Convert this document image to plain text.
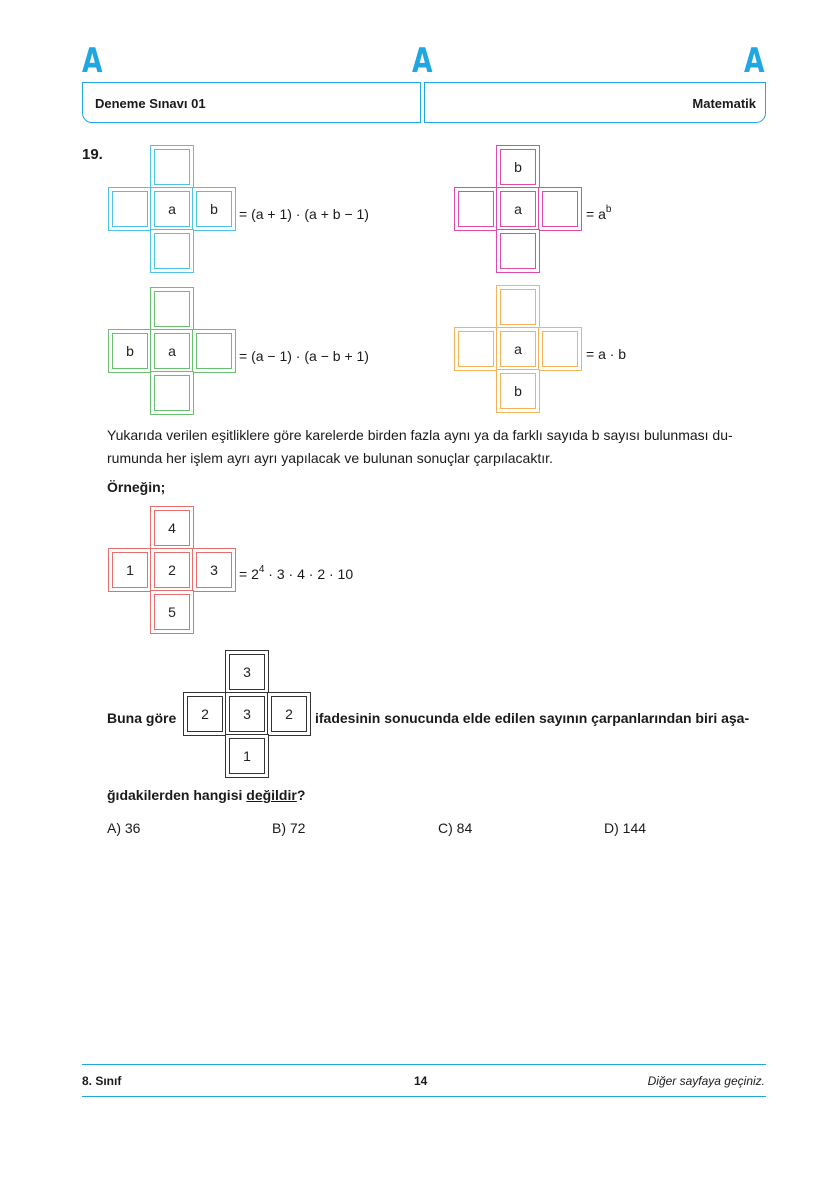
A	A	A
Deneme Sınavı 01	Matematik
19.
a	b	= (a + 1) · (a + b − 1)
b
a	= $a^b$
b	a	= (a − 1) · (a − b + 1)	a
b
= a · b
Yukarıda verilen eşitliklere göre karelerde birden fazla aynı ya da farklı sayıda b sayısı bulunması du-
rumunda her işlem ayrı ayrı yapılacak ve bulunan sonuçlar çarpılacaktır.
Örneğin;
4
1	2	3
5
= $2^4 \cdot 3 \cdot 4 \cdot 2 \cdot 10$
Buna göre
3
2	3	2
1
ifadesinin sonucunda elde edilen sayının çarpanlarından biri aşa-
ğıdakilerden hangisi değildir?
A) 36	B) 72	C) 84	D) 144
8. Sınıf	14	Diğer sayfaya geçiniz.
